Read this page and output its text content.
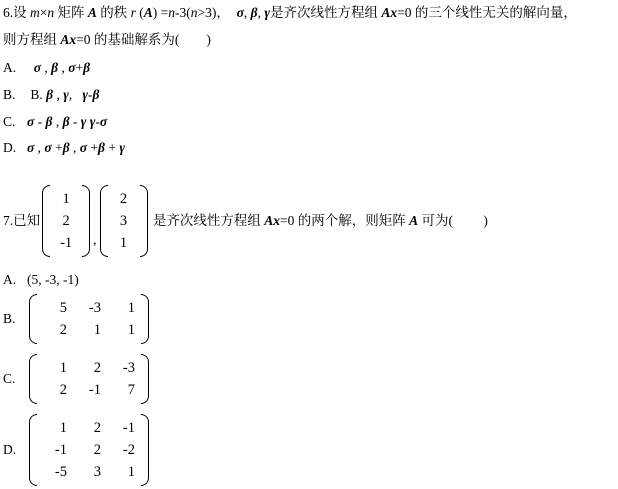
6.设 m×n 矩阵 A 的秩 r (A) =n-3(n>3)，  σ, β, γ是齐次线性方程组 Ax=0 的三个线性无关的解向量，
则方程组 Ax=0 的基础解系为( )
A.	σ , β , σ+β
B. B. β , γ,   γ-β
C. σ - β , β - γ γ-σ
D. σ , σ +β , σ +β + γ
7.已知
1
2
-1 ,
2
3
1
是齐次线性方程组 Ax=0 的两个解，则矩阵 A 可为( )
A. (5, -3, -1)
B.
5	-3	1
2	1	1
C.
1	2	-3
2	-1	7
D.
1	2	-1
-1	2	-2
-5	3	1
